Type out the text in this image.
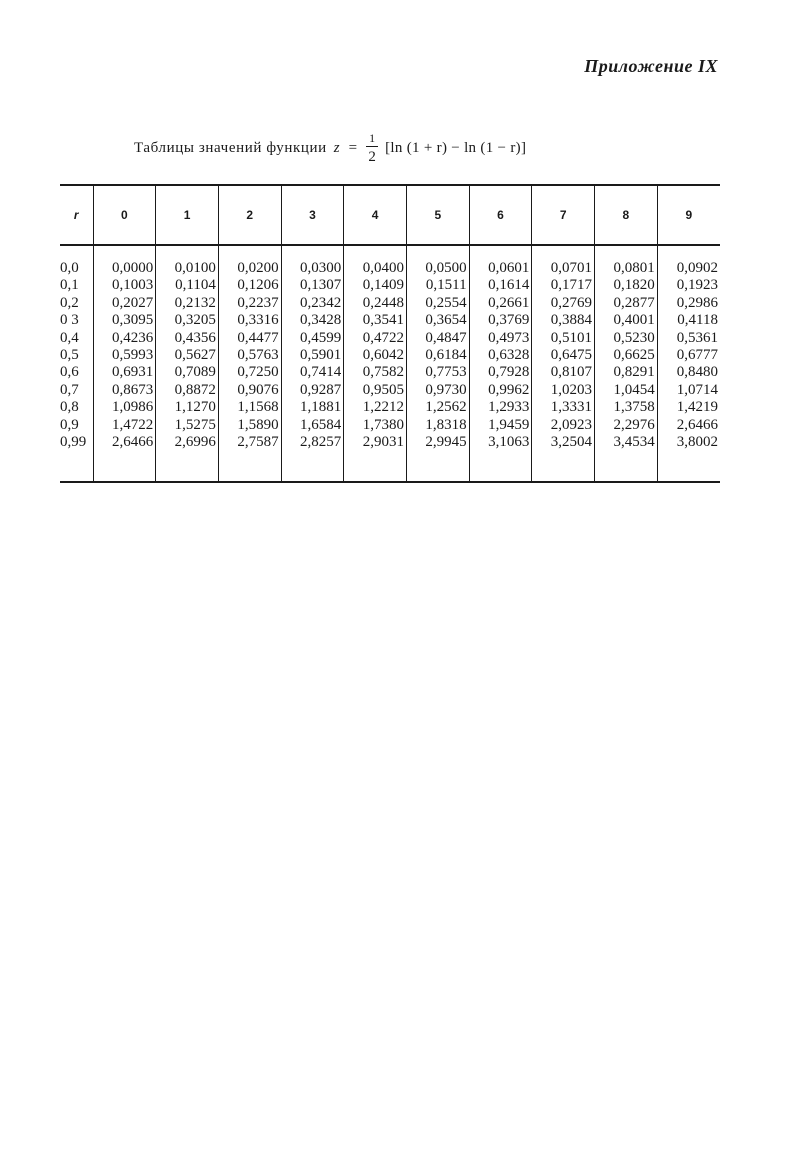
Приложение IX
Таблицы значений функции $z = \frac{1}{2} [\ln$ (1 + r) − ln (1 − r)]
r	0	1	2	3	4	5	6	7	8	9

0,0	0,0000	0,0100	0,0200	0,0300	0,0400	0,0500	0,0601	0,0701	0,0801	0,0902
0,1	0,1003	0,1104	0,1206	0,1307	0,1409	0,1511	0,1614	0,1717	0,1820	0,1923
0,2	0,2027	0,2132	0,2237	0,2342	0,2448	0,2554	0,2661	0,2769	0,2877	0,2986
0 3	0,3095	0,3205	0,3316	0,3428	0,3541	0,3654	0,3769	0,3884	0,4001	0,4118
0,4	0,4236	0,4356	0,4477	0,4599	0,4722	0,4847	0,4973	0,5101	0,5230	0,5361
0,5	0,5993	0,5627	0,5763	0,5901	0,6042	0,6184	0,6328	0,6475	0,6625	0,6777
0,6	0,6931	0,7089	0,7250	0,7414	0,7582	0,7753	0,7928	0,8107	0,8291	0,8480
0,7	0,8673	0,8872	0,9076	0,9287	0,9505	0,9730	0,9962	1,0203	1,0454	1,0714
0,8	1,0986	1,1270	1,1568	1,1881	1,2212	1,2562	1,2933	1,3331	1,3758	1,4219
0,9	1,4722	1,5275	1,5890	1,6584	1,7380	1,8318	1,9459	2,0923	2,2976	2,6466
0,99	2,6466	2,6996	2,7587	2,8257	2,9031	2,9945	3,1063	3,2504	3,4534	3,8002
